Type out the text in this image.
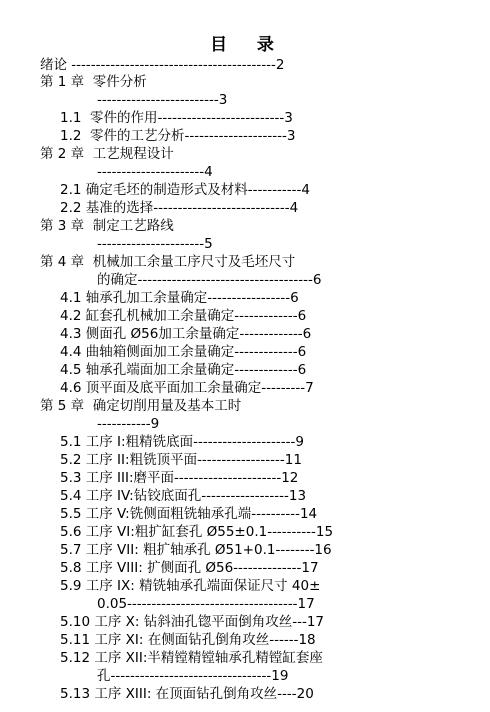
目  录
绪论 ------------------------------------------2
第 1 章  零件分析
-------------------------3
1.1  零件的作用--------------------------3
1.2  零件的工艺分析---------------------3
第 2 章  工艺规程设计
----------------------4
2.1 确定毛坯的制造形式及材料-----------4
2.2 基准的选择----------------------------4
第 3 章  制定工艺路线
----------------------5
第 4 章  机械加工余量工序尺寸及毛坯尺寸
的确定------------------------------------6
4.1 轴承孔加工余量确定-----------------6
4.2 缸套孔机械加工余量确定-------------6
4.3 侧面孔 Ø56加工余量确定-------------6
4.4 曲轴箱侧面加工余量确定-------------6
4.5 轴承孔端面加工余量确定-------------6
4.6 顶平面及底平面加工余量确定---------7
第 5 章  确定切削用量及基本工时
-----------9
5.1 工序 I:粗精铣底面---------------------9
5.2 工序 II:粗铣顶平面------------------11
5.3 工序 III:磨平面----------------------12
5.4 工序 IV:钻铰底面孔------------------13
5.5 工序 V:铣侧面粗铣轴承孔端----------14
5.6 工序 VI:粗扩缸套孔 Ø55±0.1----------15
5.7 工序 VII: 粗扩轴承孔 Ø51+0.1--------16
5.8 工序 VIII: 扩侧面孔 Ø56--------------17
5.9 工序 IX: 精铣轴承孔端面保证尺寸 40±
0.05-----------------------------------17
5.10 工序 X: 钻斜油孔锪平面倒角攻丝---17
5.11 工序 XI: 在侧面钻孔倒角攻丝------18
5.12 工序 XII:半精镗精镗轴承孔精镗缸套座
孔---------------------------------19
5.13 工序 XIII: 在顶面钻孔倒角攻丝----20
